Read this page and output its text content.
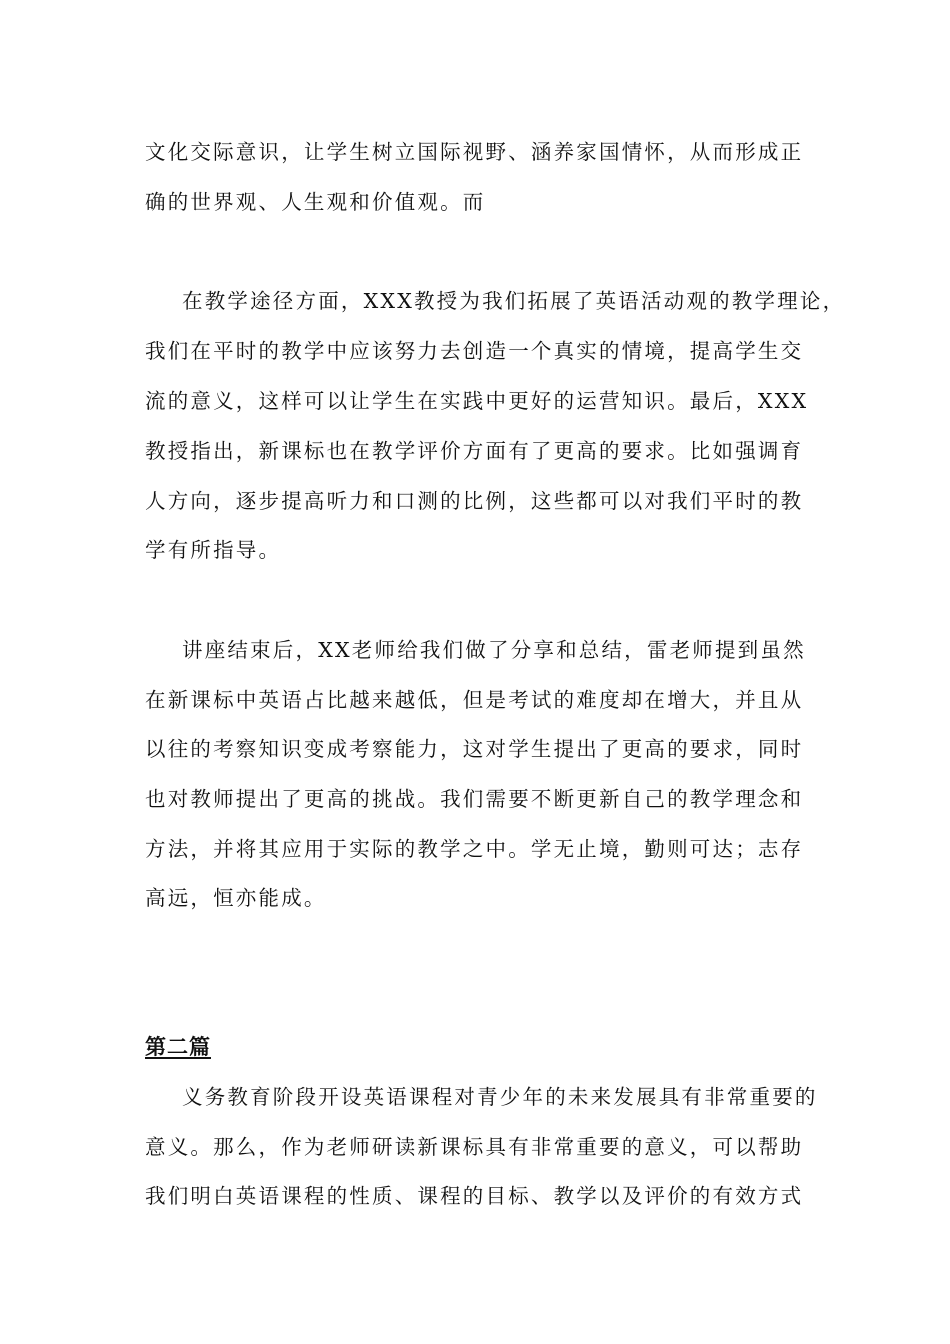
文化交际意识，让学生树立国际视野、涵养家国情怀，从而形成正
确的世界观、人生观和价值观。而
在教学途径方面，XXX教授为我们拓展了英语活动观的教学理论，
我们在平时的教学中应该努力去创造一个真实的情境，提高学生交
流的意义，这样可以让学生在实践中更好的运营知识。最后，XXX
教授指出，新课标也在教学评价方面有了更高的要求。比如强调育
人方向，逐步提高听力和口测的比例，这些都可以对我们平时的教
学有所指导。
讲座结束后，XX老师给我们做了分享和总结，雷老师提到虽然
在新课标中英语占比越来越低，但是考试的难度却在增大，并且从
以往的考察知识变成考察能力，这对学生提出了更高的要求，同时
也对教师提出了更高的挑战。我们需要不断更新自己的教学理念和
方法，并将其应用于实际的教学之中。学无止境，勤则可达；志存
高远，恒亦能成。
第二篇
义务教育阶段开设英语课程对青少年的未来发展具有非常重要的
意义。那么，作为老师研读新课标具有非常重要的意义，可以帮助
我们明白英语课程的性质、课程的目标、教学以及评价的有效方式
